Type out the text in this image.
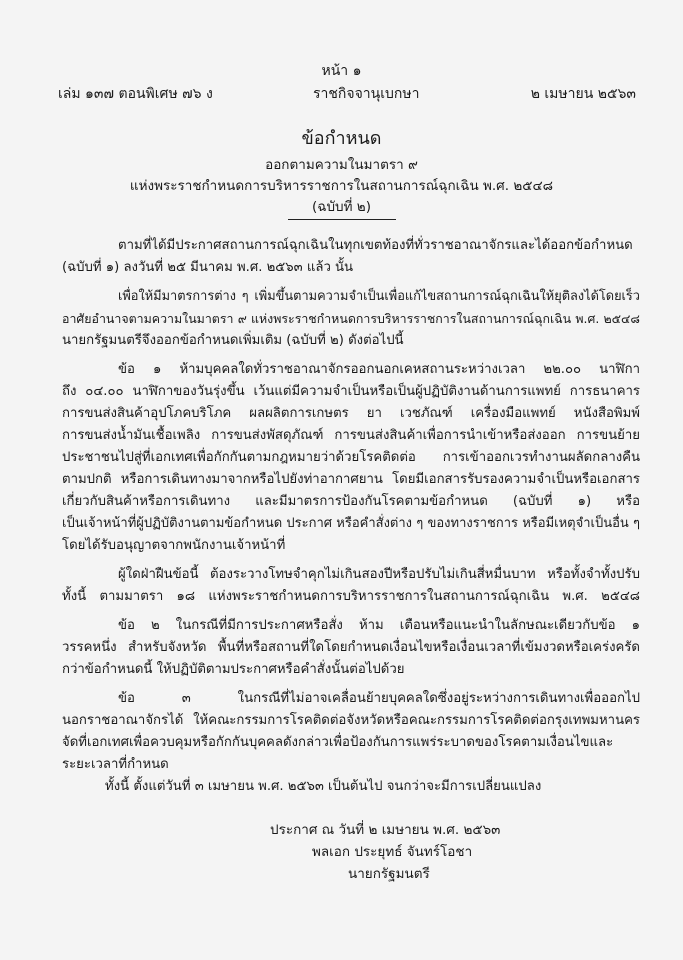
หน้า ๑
เล่ม ๑๓๗ ตอนพิเศษ ๗๖ ง	ราชกิจจานุเบกษา	๒ เมษายน ๒๕๖๓
ข้อกำหนด
ออกตามความในมาตรา ๙
แห่งพระราชกำหนดการบริหารราชการในสถานการณ์ฉุกเฉิน พ.ศ. ๒๕๔๘
(ฉบับที่ ๒)
ตามที่ได้มีประกาศสถานการณ์ฉุกเฉินในทุกเขตท้องที่ทั่วราชอาณาจักรและได้ออกข้อกำหนด
(ฉบับที่ ๑) ลงวันที่ ๒๕ มีนาคม พ.ศ. ๒๕๖๓ แล้ว นั้น
เพื่อให้มีมาตรการต่าง ๆ เพิ่มขึ้นตามความจำเป็นเพื่อแก้ไขสถานการณ์ฉุกเฉินให้ยุติลงได้โดยเร็ว
อาศัยอำนาจตามความในมาตรา ๙ แห่งพระราชกำหนดการบริหารราชการในสถานการณ์ฉุกเฉิน พ.ศ. ๒๕๔๘
นายกรัฐมนตรีจึงออกข้อกำหนดเพิ่มเติม (ฉบับที่ ๒) ดังต่อไปนี้
ข้อ ๑ ห้ามบุคคลใดทั่วราชอาณาจักรออกนอกเคหสถานระหว่างเวลา ๒๒.๐๐ นาฬิกา
ถึง ๐๔.๐๐ นาฬิกาของวันรุ่งขึ้น เว้นแต่มีความจำเป็นหรือเป็นผู้ปฏิบัติงานด้านการแพทย์ การธนาคาร
การขนส่งสินค้าอุปโภคบริโภค ผลผลิตการเกษตร ยา เวชภัณฑ์ เครื่องมือแพทย์ หนังสือพิมพ์
การขนส่งน้ำมันเชื้อเพลิง การขนส่งพัสดุภัณฑ์ การขนส่งสินค้าเพื่อการนำเข้าหรือส่งออก การขนย้าย
ประชาชนไปสู่ที่เอกเทศเพื่อกักกันตามกฎหมายว่าด้วยโรคติดต่อ การเข้าออกเวรทำงานผลัดกลางคืน
ตามปกติ หรือการเดินทางมาจากหรือไปยังท่าอากาศยาน โดยมีเอกสารรับรองความจำเป็นหรือเอกสาร
เกี่ยวกับสินค้าหรือการเดินทาง และมีมาตรการป้องกันโรคตามข้อกำหนด (ฉบับที่ ๑) หรือ
เป็นเจ้าหน้าที่ผู้ปฏิบัติงานตามข้อกำหนด ประกาศ หรือคำสั่งต่าง ๆ ของทางราชการ หรือมีเหตุจำเป็นอื่น ๆ
โดยได้รับอนุญาตจากพนักงานเจ้าหน้าที่
ผู้ใดฝ่าฝืนข้อนี้ ต้องระวางโทษจำคุกไม่เกินสองปีหรือปรับไม่เกินสี่หมื่นบาท หรือทั้งจำทั้งปรับ
ทั้งนี้ ตามมาตรา ๑๘ แห่งพระราชกำหนดการบริหารราชการในสถานการณ์ฉุกเฉิน พ.ศ. ๒๕๔๘
ข้อ ๒ ในกรณีที่มีการประกาศหรือสั่ง ห้าม เตือนหรือแนะนำในลักษณะเดียวกับข้อ ๑
วรรคหนึ่ง สำหรับจังหวัด พื้นที่หรือสถานที่ใดโดยกำหนดเงื่อนไขหรือเงื่อนเวลาที่เข้มงวดหรือเคร่งครัด
กว่าข้อกำหนดนี้ ให้ปฏิบัติตามประกาศหรือคำสั่งนั้นต่อไปด้วย
ข้อ ๓ ในกรณีที่ไม่อาจเคลื่อนย้ายบุคคลใดซึ่งอยู่ระหว่างการเดินทางเพื่อออกไป
นอกราชอาณาจักรได้ ให้คณะกรรมการโรคติดต่อจังหวัดหรือคณะกรรมการโรคติดต่อกรุงเทพมหานคร
จัดที่เอกเทศเพื่อควบคุมหรือกักกันบุคคลดังกล่าวเพื่อป้องกันการแพร่ระบาดของโรคตามเงื่อนไขและ
ระยะเวลาที่กำหนด
ทั้งนี้ ตั้งแต่วันที่ ๓ เมษายน พ.ศ. ๒๕๖๓ เป็นต้นไป จนกว่าจะมีการเปลี่ยนแปลง
ประกาศ ณ วันที่ ๒ เมษายน พ.ศ. ๒๕๖๓
พลเอก ประยุทธ์ จันทร์โอชา
นายกรัฐมนตรี
